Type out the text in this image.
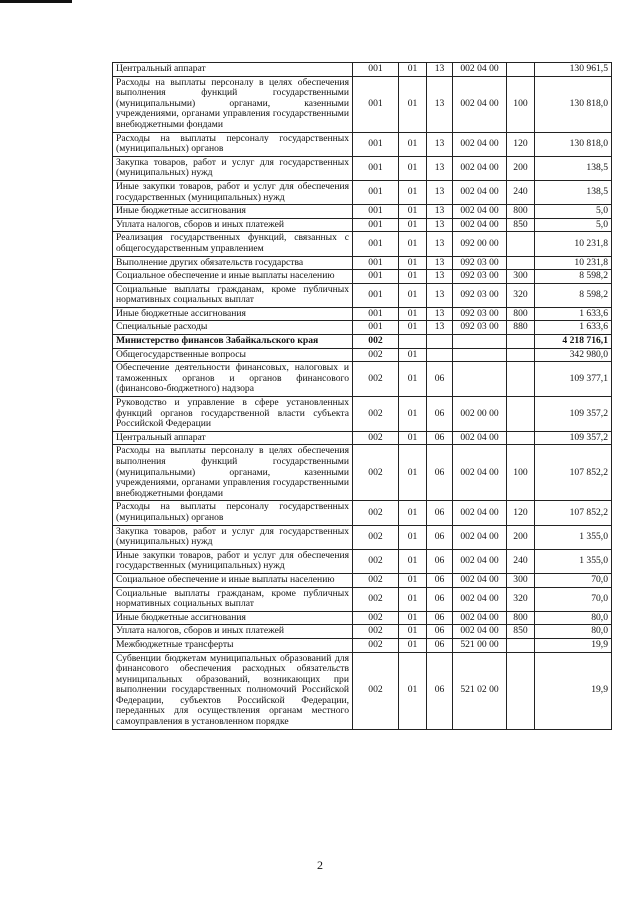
Центральный аппарат	001	01	13	002 04 00		130 961,5
Расходы на выплаты персоналу в целях обеспечения выполнения функций государственными (муниципальными) органами, казенными учреждениями, органами управления государственными внебюджетными фондами	001	01	13	002 04 00	100	130 818,0
Расходы на выплаты персоналу государственных (муниципальных) органов	001	01	13	002 04 00	120	130 818,0
Закупка товаров, работ и услуг для государственных (муниципальных) нужд	001	01	13	002 04 00	200	138,5
Иные закупки товаров, работ и услуг для обеспечения государственных (муниципальных) нужд	001	01	13	002 04 00	240	138,5
Иные бюджетные ассигнования	001	01	13	002 04 00	800	5,0
Уплата налогов, сборов и иных платежей	001	01	13	002 04 00	850	5,0
Реализация государственных функций, связанных с общегосударственным управлением	001	01	13	092 00 00		10 231,8
Выполнение других обязательств государства	001	01	13	092 03 00		10 231,8
Социальное обеспечение и иные выплаты населению	001	01	13	092 03 00	300	8 598,2
Социальные выплаты гражданам, кроме публичных нормативных социальных выплат	001	01	13	092 03 00	320	8 598,2
Иные бюджетные ассигнования	001	01	13	092 03 00	800	1 633,6
Специальные расходы	001	01	13	092 03 00	880	1 633,6
Министерство финансов Забайкальского края	002					4 218 716,1
Общегосударственные вопросы	002	01				342 980,0
Обеспечение деятельности финансовых, налоговых и таможенных органов и органов финансового (финансово-бюджетного) надзора	002	01	06			109 377,1
Руководство и управление в сфере установленных функций органов государственной власти субъекта Российской Федерации	002	01	06	002 00 00		109 357,2
Центральный аппарат	002	01	06	002 04 00		109 357,2
Расходы на выплаты персоналу в целях обеспечения выполнения функций государственными (муниципальными) органами, казенными учреждениями, органами управления государственными внебюджетными фондами	002	01	06	002 04 00	100	107 852,2
Расходы на выплаты персоналу государственных (муниципальных) органов	002	01	06	002 04 00	120	107 852,2
Закупка товаров, работ и услуг для государственных (муниципальных) нужд	002	01	06	002 04 00	200	1 355,0
Иные закупки товаров, работ и услуг для обеспечения государственных (муниципальных) нужд	002	01	06	002 04 00	240	1 355,0
Социальное обеспечение и иные выплаты населению	002	01	06	002 04 00	300	70,0
Социальные выплаты гражданам, кроме публичных нормативных социальных выплат	002	01	06	002 04 00	320	70,0
Иные бюджетные ассигнования	002	01	06	002 04 00	800	80,0
Уплата налогов, сборов и иных платежей	002	01	06	002 04 00	850	80,0
Межбюджетные трансферты	002	01	06	521 00 00		19,9
Субвенции бюджетам муниципальных образований для финансового обеспечения расходных обязательств муниципальных образований, возникающих при выполнении государственных полномочий Российской Федерации, субъектов Российской Федерации, переданных для осуществления органам местного самоуправления в установленном порядке	002	01	06	521 02 00		19,9
2
